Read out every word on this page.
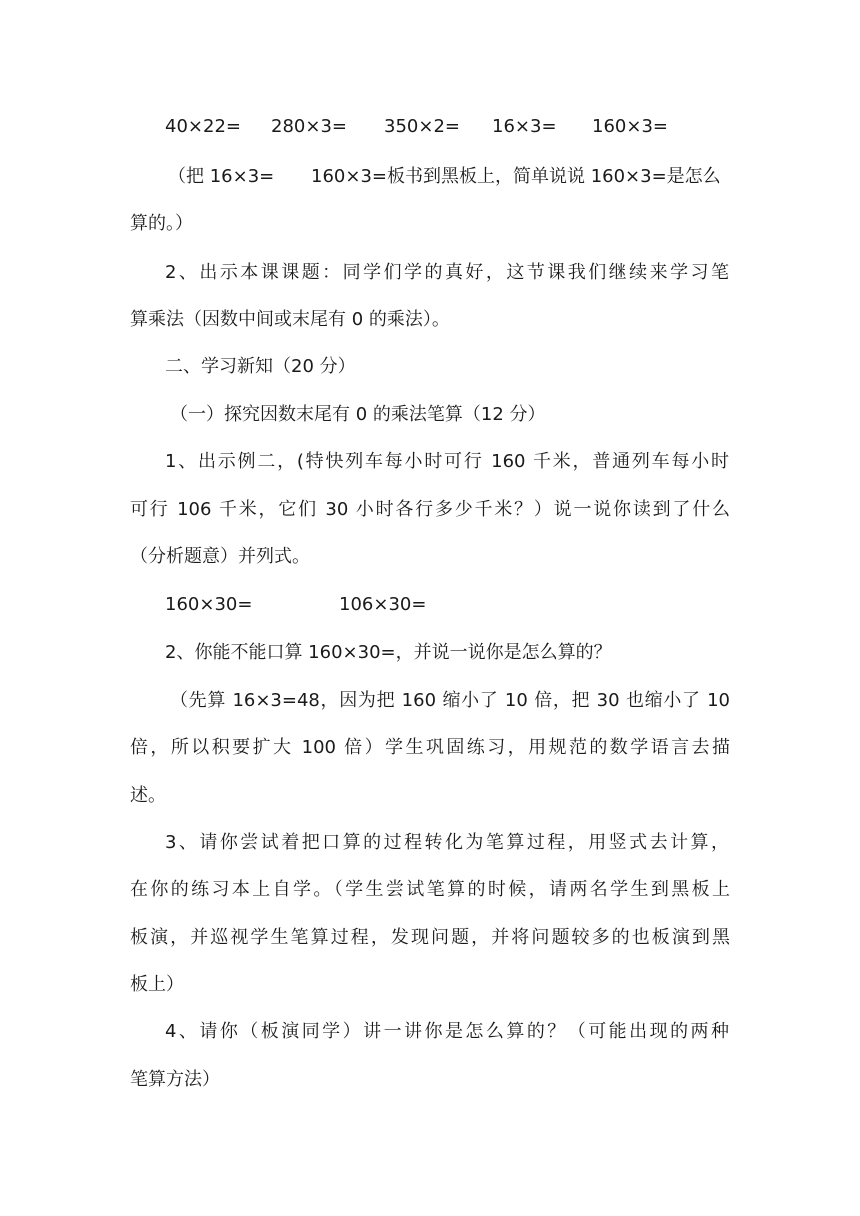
40×22= 280×3= 350×2= 16×3= 160×3=
（把 16×3= 160×3=板书到黑板上，简单说说 160×3=是怎么
算的。）
2、出示本课课题：同学们学的真好，这节课我们继续来学习笔
算乘法（因数中间或末尾有 0 的乘法）。
二、学习新知（20 分）
（一）探究因数末尾有 0 的乘法笔算（12 分）
1、出示例二，(特快列车每小时可行 160 千米，普通列车每小时
可行 106 千米，它们 30 小时各行多少千米？）说一说你读到了什么
（分析题意）并列式。
160×30=	106×30=
2、你能不能口算 160×30=，并说一说你是怎么算的？
（先算 16×3=48，因为把 160 缩小了 10 倍，把 30 也缩小了 10
倍，所以积要扩大 100 倍）学生巩固练习，用规范的数学语言去描
述。
3、请你尝试着把口算的过程转化为笔算过程，用竖式去计算，
在你的练习本上自学。（学生尝试笔算的时候，请两名学生到黑板上
板演，并巡视学生笔算过程，发现问题，并将问题较多的也板演到黑
板上）
4、请你（板演同学）讲一讲你是怎么算的？（可能出现的两种
笔算方法）
